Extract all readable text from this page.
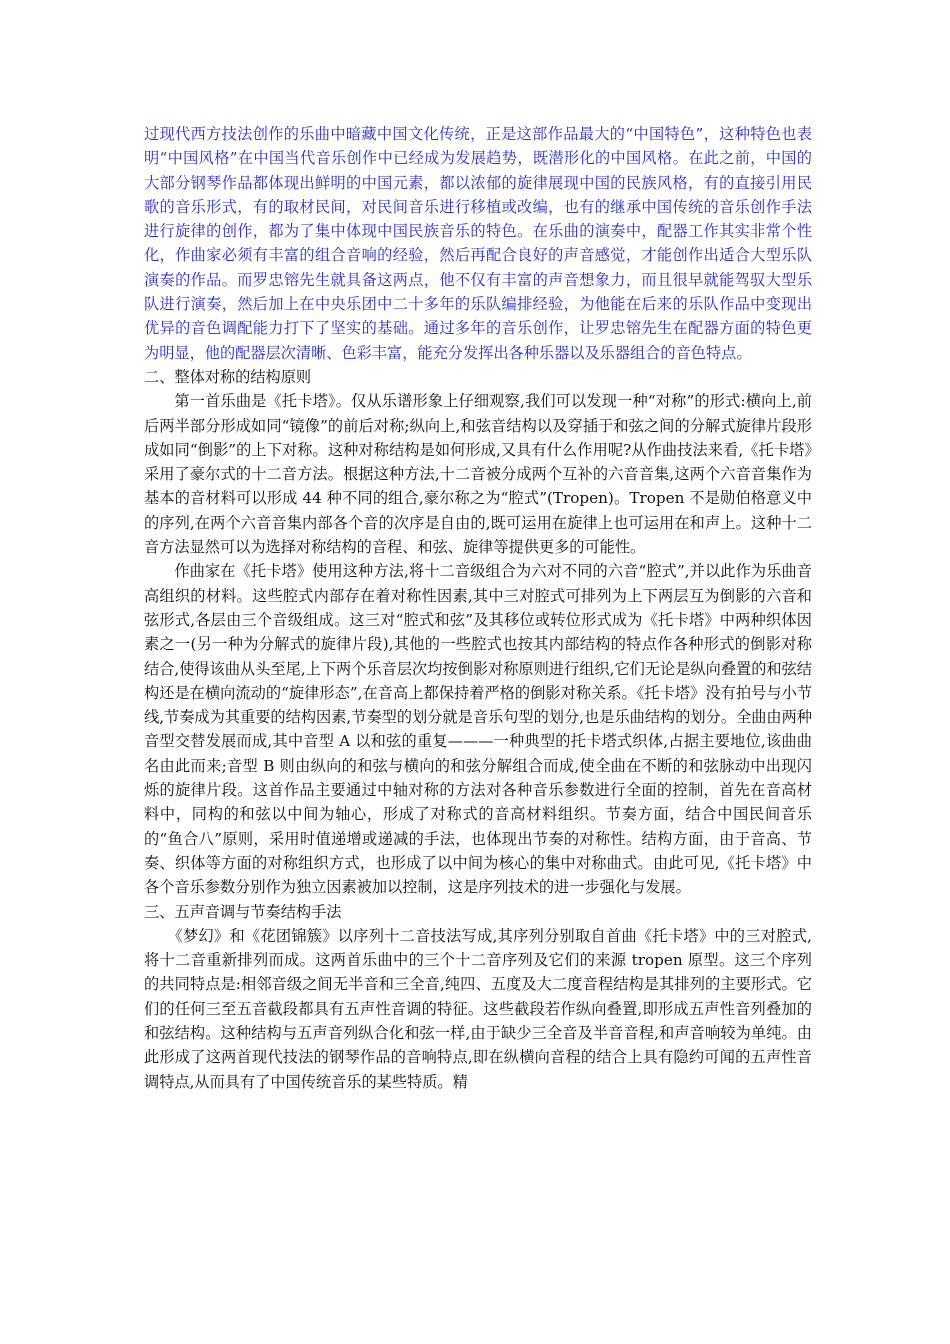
过现代西方技法创作的乐曲中暗藏中国文化传统，正是这部作品最大的“中国特色”，这种特色也表明“中国风格”在中国当代音乐创作中已经成为发展趋势，既潜形化的中国风格。在此之前，中国的大部分钢琴作品都体现出鲜明的中国元素，都以浓郁的旋律展现中国的民族风格，有的直接引用民歌的音乐形式，有的取材民间，对民间音乐进行移植或改编，也有的继承中国传统的音乐创作手法进行旋律的创作，都为了集中体现中国民族音乐的特色。在乐曲的演奏中，配器工作其实非常个性化，作曲家必须有丰富的组合音响的经验，然后再配合良好的声音感觉，才能创作出适合大型乐队演奏的作品。而罗忠镕先生就具备这两点，他不仅有丰富的声音想象力，而且很早就能驾驭大型乐队进行演奏，然后加上在中央乐团中二十多年的乐队编排经验，为他能在后来的乐队作品中变现出优异的音色调配能力打下了坚实的基础。通过多年的音乐创作，让罗忠镕先生在配器方面的特色更为明显，他的配器层次清晰、色彩丰富，能充分发挥出各种乐器以及乐器组合的音色特点。

二、整体对称的结构原则

第一首乐曲是《托卡塔》。仅从乐谱形象上仔细观察,我们可以发现一种“对称”的形式:横向上,前后两半部分形成如同“镜像”的前后对称;纵向上,和弦音结构以及穿插于和弦之间的分解式旋律片段形成如同“倒影”的上下对称。这种对称结构是如何形成,又具有什么作用呢?从作曲技法来看,《托卡塔》采用了豪尔式的十二音方法。根据这种方法,十二音被分成两个互补的六音音集,这两个六音音集作为基本的音材料可以形成 44 种不同的组合,豪尔称之为“腔式”(Tropen)。Tropen 不是勋伯格意义中的序列,在两个六音音集内部各个音的次序是自由的,既可运用在旋律上也可运用在和声上。这种十二音方法显然可以为选择对称结构的音程、和弦、旋律等提供更多的可能性。

作曲家在《托卡塔》使用这种方法,将十二音级组合为六对不同的六音“腔式”,并以此作为乐曲音高组织的材料。这些腔式内部存在着对称性因素,其中三对腔式可排列为上下两层互为倒影的六音和弦形式,各层由三个音级组成。这三对“腔式和弦”及其移位或转位形式成为《托卡塔》中两种织体因素之一(另一种为分解式的旋律片段),其他的一些腔式也按其内部结构的特点作各种形式的倒影对称结合,使得该曲从头至尾,上下两个乐音层次均按倒影对称原则进行组织,它们无论是纵向叠置的和弦结构还是在横向流动的“旋律形态”,在音高上都保持着严格的倒影对称关系。《托卡塔》没有拍号与小节线,节奏成为其重要的结构因素,节奏型的划分就是音乐句型的划分,也是乐曲结构的划分。全曲由两种音型交替发展而成,其中音型 A 以和弦的重复———一种典型的托卡塔式织体,占据主要地位,该曲曲名由此而来;音型 B 则由纵向的和弦与横向的和弦分解组合而成,使全曲在不断的和弦脉动中出现闪烁的旋律片段。这首作品主要通过中轴对称的方法对各种音乐参数进行全面的控制，首先在音高材料中，同构的和弦以中间为轴心，形成了对称式的音高材料组织。节奏方面，结合中国民间音乐的“鱼合八”原则，采用时值递增或递减的手法，也体现出节奏的对称性。结构方面，由于音高、节奏、织体等方面的对称组织方式，也形成了以中间为核心的集中对称曲式。由此可见,《托卡塔》中各个音乐参数分别作为独立因素被加以控制，这是序列技术的进一步强化与发展。

三、五声音调与节奏结构手法

《梦幻》和《花团锦簇》以序列十二音技法写成,其序列分别取自首曲《托卡塔》中的三对腔式,将十二音重新排列而成。这两首乐曲中的三个十二音序列及它们的来源 tropen 原型。这三个序列的共同特点是:相邻音级之间无半音和三全音,纯四、五度及大二度音程结构是其排列的主要形式。它们的任何三至五音截段都具有五声性音调的特征。这些截段若作纵向叠置,即形成五声性音列叠加的和弦结构。这种结构与五声音列纵合化和弦一样,由于缺少三全音及半音音程,和声音响较为单纯。由此形成了这两首现代技法的钢琴作品的音响特点,即在纵横向音程的结合上具有隐约可闻的五声性音调特点,从而具有了中国传统音乐的某些特质。精
